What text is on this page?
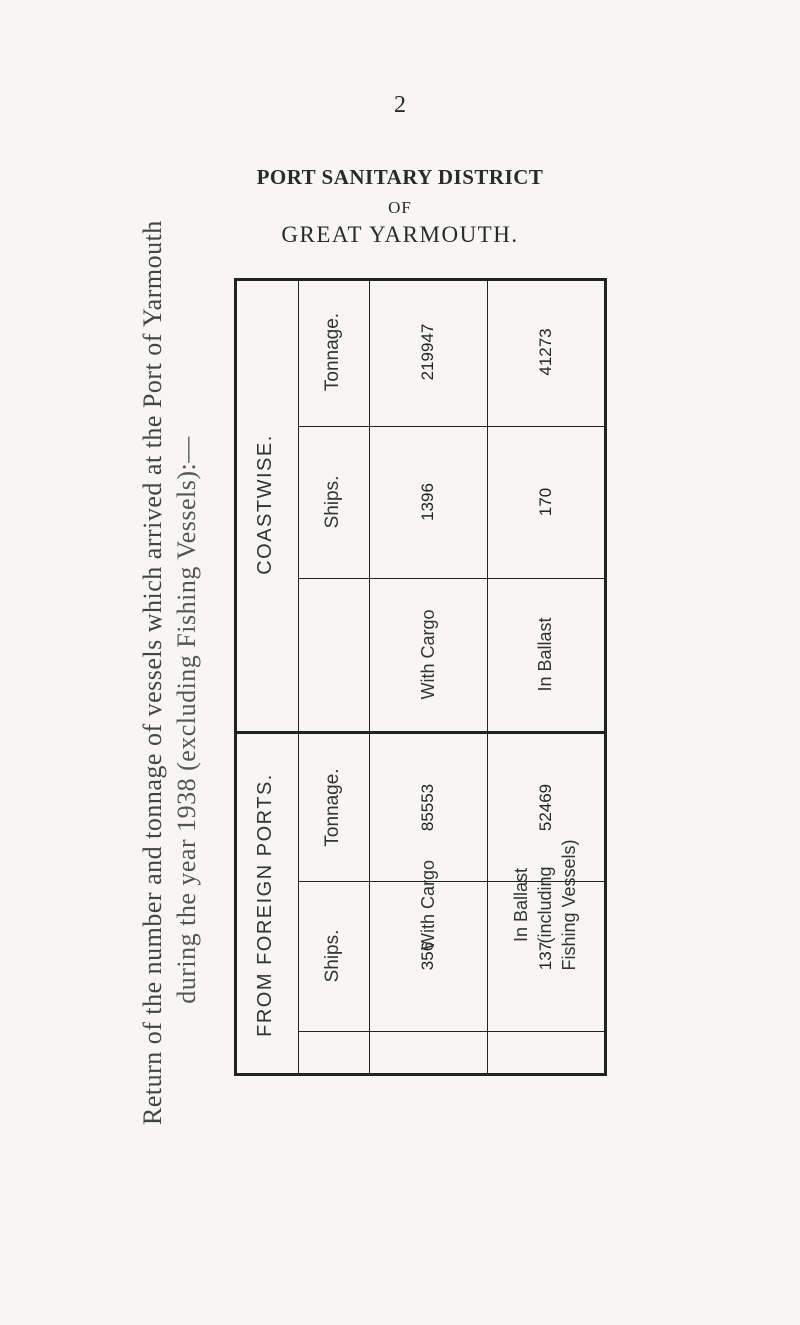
2
PORT SANITARY DISTRICT
OF
GREAT YARMOUTH.
Return of the number and tonnage of vessels which arrived at the Port of Yarmouth during the year 1938 (excluding Fishing Vessels):—	COASTWISE.
FROM FOREIGN PORTS.
Tonnage.
Ships.
219947
1396
With Cargo
41273
170
In Ballast
Tonnage.
Ships.
85553
356
With Cargo
52469
137
In Ballast (including Fishing Vessels)
